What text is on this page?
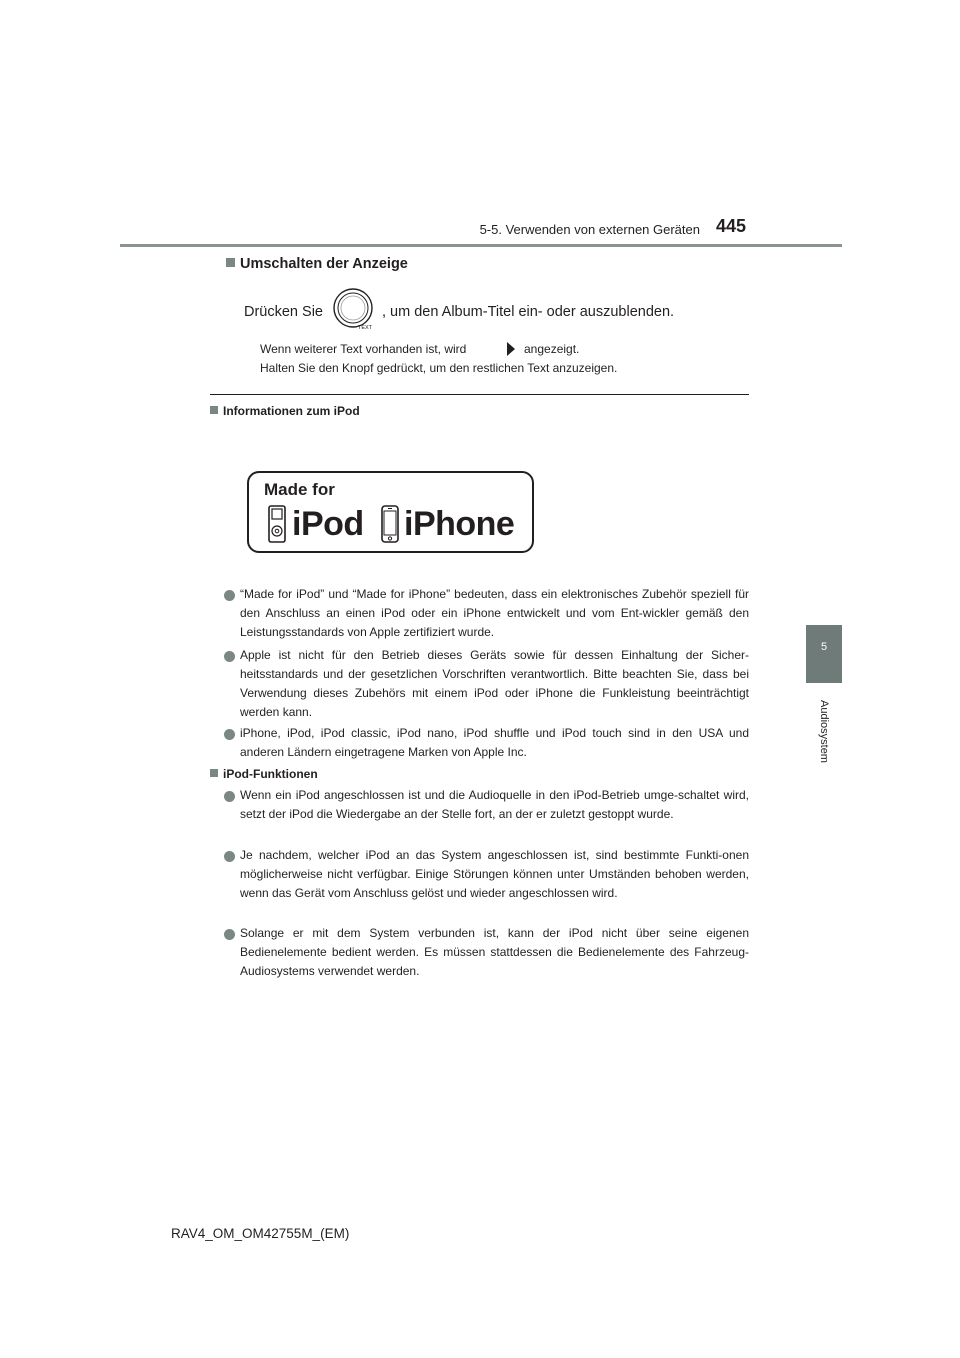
5-5. Verwenden von externen Geräten 445
5
Audiosystem
Umschalten der Anzeige
Drücken Sie
TEXT
, um den Album-Titel ein- oder auszublenden.
Wenn weiterer Text vorhanden ist, wird	angezeigt.
Halten Sie den Knopf gedrückt, um den restlichen Text anzuzeigen.
Informationen zum iPod
Made for
iPod iPhone
“Made for iPod” und “Made for iPhone” bedeuten, dass ein elektronisches Zubehör speziell für den Anschluss an einen iPod oder ein iPhone entwickelt und vom Ent-wickler gemäß den Leistungsstandards von Apple zertifiziert wurde.
Apple ist nicht für den Betrieb dieses Geräts sowie für dessen Einhaltung der Sicher-heitsstandards und der gesetzlichen Vorschriften verantwortlich. Bitte beachten Sie, dass bei Verwendung dieses Zubehörs mit einem iPod oder iPhone die Funkleistung beeinträchtigt werden kann.
iPhone, iPod, iPod classic, iPod nano, iPod shuffle und iPod touch sind in den USA und anderen Ländern eingetragene Marken von Apple Inc.
iPod-Funktionen
Wenn ein iPod angeschlossen ist und die Audioquelle in den iPod-Betrieb umge-schaltet wird, setzt der iPod die Wiedergabe an der Stelle fort, an der er zuletzt gestoppt wurde.
Je nachdem, welcher iPod an das System angeschlossen ist, sind bestimmte Funkti-onen möglicherweise nicht verfügbar. Einige Störungen können unter Umständen behoben werden, wenn das Gerät vom Anschluss gelöst und wieder angeschlossen wird.
Solange er mit dem System verbunden ist, kann der iPod nicht über seine eigenen Bedienelemente bedient werden. Es müssen stattdessen die Bedienelemente des Fahrzeug-Audiosystems verwendet werden.
RAV4_OM_OM42755M_(EM)
